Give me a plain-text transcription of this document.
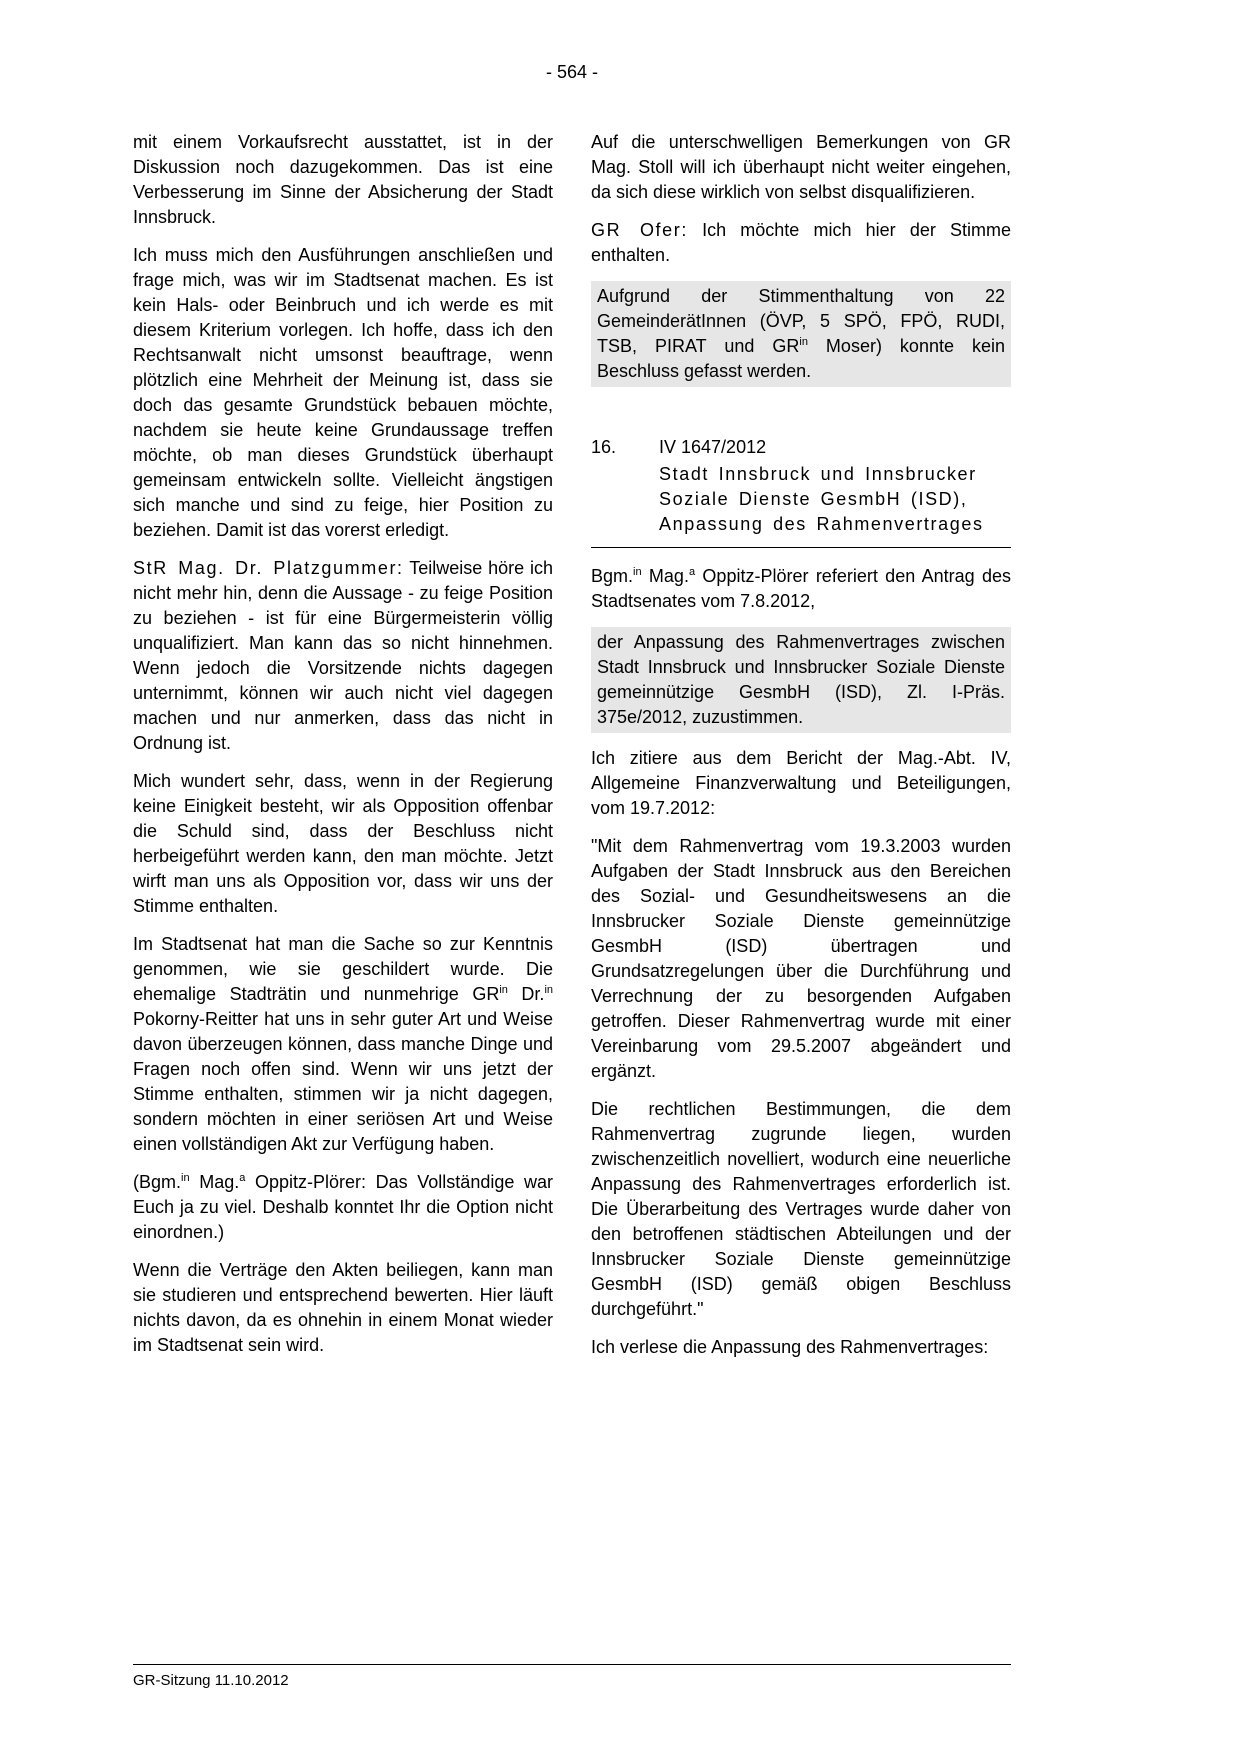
- 564 -
mit einem Vorkaufsrecht ausstattet, ist in der Diskussion noch dazugekommen. Das ist eine Verbesserung im Sinne der Absicherung der Stadt Innsbruck.
Ich muss mich den Ausführungen anschließen und frage mich, was wir im Stadtsenat machen. Es ist kein Hals- oder Beinbruch und ich werde es mit diesem Kriterium vorlegen. Ich hoffe, dass ich den Rechtsanwalt nicht umsonst beauftrage, wenn plötzlich eine Mehrheit der Meinung ist, dass sie doch das gesamte Grundstück bebauen möchte, nachdem sie heute keine Grundaussage treffen möchte, ob man dieses Grundstück überhaupt gemeinsam entwickeln sollte. Vielleicht ängstigen sich manche und sind zu feige, hier Position zu beziehen. Damit ist das vorerst erledigt.
StR Mag. Dr. Platzgummer: Teilweise höre ich nicht mehr hin, denn die Aussage - zu feige Position zu beziehen - ist für eine Bürgermeisterin völlig unqualifiziert. Man kann das so nicht hinnehmen. Wenn jedoch die Vorsitzende nichts dagegen unternimmt, können wir auch nicht viel dagegen machen und nur anmerken, dass das nicht in Ordnung ist.
Mich wundert sehr, dass, wenn in der Regierung keine Einigkeit besteht, wir als Opposition offenbar die Schuld sind, dass der Beschluss nicht herbeigeführt werden kann, den man möchte. Jetzt wirft man uns als Opposition vor, dass wir uns der Stimme enthalten.
Im Stadtsenat hat man die Sache so zur Kenntnis genommen, wie sie geschildert wurde. Die ehemalige Stadträtin und nunmehrige $GR^{in}$ Dr.$^{in}$ Pokorny-Reitter hat uns in sehr guter Art und Weise davon überzeugen können, dass manche Dinge und Fragen noch offen sind. Wenn wir uns jetzt der Stimme enthalten, stimmen wir ja nicht dagegen, sondern möchten in einer seriösen Art und Weise einen vollständigen Akt zur Verfügung haben.
(Bgm.$^{in}$ Mag.$^a$ Oppitz-Plörer: Das Vollständige war Euch ja zu viel. Deshalb konntet Ihr die Option nicht einordnen.)
Wenn die Verträge den Akten beiliegen, kann man sie studieren und entsprechend bewerten. Hier läuft nichts davon, da es ohnehin in einem Monat wieder im Stadtsenat sein wird.
Auf die unterschwelligen Bemerkungen von GR Mag. Stoll will ich überhaupt nicht weiter eingehen, da sich diese wirklich von selbst disqualifizieren.
GR Ofer: Ich möchte mich hier der Stimme enthalten.
Aufgrund der Stimmenthaltung von 22 GemeinderätInnen (ÖVP, 5 SPÖ, FPÖ, RUDI, TSB, PIRAT und $GR^{in}$ Moser) konnte kein Beschluss gefasst werden.
16.	IV 1647/2012
Stadt Innsbruck und Innsbrucker Soziale Dienste GesmbH (ISD), Anpassung des Rahmenvertrages
Bgm.$^{in}$ Mag.$^a$ Oppitz-Plörer referiert den Antrag des Stadtsenates vom 7.8.2012,
der Anpassung des Rahmenvertrages zwischen Stadt Innsbruck und Innsbrucker Soziale Dienste gemeinnützige GesmbH (ISD), Zl. I-Präs. 375e/2012, zuzustimmen.
Ich zitiere aus dem Bericht der Mag.-Abt. IV, Allgemeine Finanzverwaltung und Beteiligungen, vom 19.7.2012:
"Mit dem Rahmenvertrag vom 19.3.2003 wurden Aufgaben der Stadt Innsbruck aus den Bereichen des Sozial- und Gesundheitswesens an die Innsbrucker Soziale Dienste gemeinnützige GesmbH (ISD) übertragen und Grundsatzregelungen über die Durchführung und Verrechnung der zu besorgenden Aufgaben getroffen. Dieser Rahmenvertrag wurde mit einer Vereinbarung vom 29.5.2007 abgeändert und ergänzt.
Die rechtlichen Bestimmungen, die dem Rahmenvertrag zugrunde liegen, wurden zwischenzeitlich novelliert, wodurch eine neuerliche Anpassung des Rahmenvertrages erforderlich ist. Die Überarbeitung des Vertrages wurde daher von den betroffenen städtischen Abteilungen und der Innsbrucker Soziale Dienste gemeinnützige GesmbH (ISD) gemäß obigen Beschluss durchgeführt."
Ich verlese die Anpassung des Rahmenvertrages:
GR-Sitzung 11.10.2012
